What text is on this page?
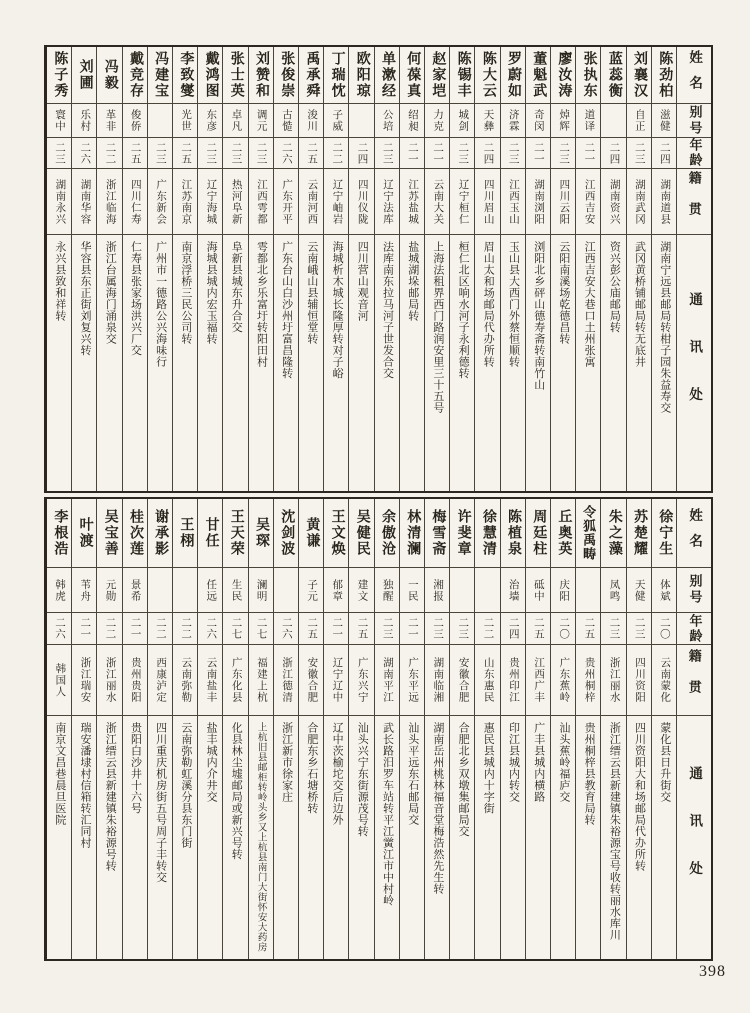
姓名
别号
年龄
籍贯
通讯处
陈劲柏
滋健
二四
湖南道县
湖南宁远县邮局转柑子园朱益寿交
刘襄汉
自正
二三
湖南武冈
武冈黄桥铺邮局转无底井
蓝蕊衡
二四
湖南资兴
资兴彭公庙邮局转
张执东
道译
二一
江西吉安
江西吉安大巷口土州张寓
廖汝涛
焯辉
二三
四川云阳
云阳南溪场乾德昌转
董魁武
奇闵
二一
湖南浏阳
浏阳北乡砰山德寿斋转南竹山
罗蔚如
济霖
二三
江西玉山
玉山县大西门外蔡恒顺转
陈大云
天彝
二四
四川眉山
眉山太和场邮局代办所转
陈锡丰
城剑
二三
辽宁桓仁
桓仁北区响水河子永利德转
赵家垲
力克
二一
云南大关
上海法租界西门路润安里三十五号
何葆真
绍昶
二一
江苏盐城
盐城湖垛邮局转
单漱经
公培
二三
辽宁法库
法库南东拉马河子世发合交
欧阳琼
二四
四川仪陇
四川营山观音河
丁瑞忱
子威
二二
辽宁岫岩
海城析木城长隆厚转对子峪
禹承舜
浚川
二五
云南河西
云南峨山县辅恒堂转
张俊崇
古慥
二六
广东开平
广东台山白沙州圩富昌隆转
刘赞和
调元
二三
江西雩都
雩都北乡乐富圩转阳田村
张士英
卓凡
二三
热河阜新
阜新县城东升合交
戴鸿图
东彦
二三
辽宁海城
海城县城内宏玉福转
李致燮
光世
二五
江苏南京
南京浮桥三民公司转
冯建宝
二三
广东新会
广州市一德路公兴海味行
戴竞存
俊侨
二五
四川仁寿
仁寿县张家场洪兴厂交
冯毅
革非
二二
浙江临海
浙江台属海门涌泉交
刘圃
乐村
二六
湖南华容
华容县东正街刘复兴转
陈子秀
寰中
二三
湖南永兴
永兴县致和祥转
姓名
别号
年龄
籍贯
通讯处
徐宁生
体斌
二〇
云南蒙化
蒙化县日升街交
苏楚耀
天健
二三
四川资阳
四川资阳大和场邮局代办所转
朱之藻
凤鸣
二三
浙江丽水
浙江缙云县新建镇朱裕源宝号收转丽水库川
令狐禹畴
二五
贵州桐梓
贵州桐梓县教育局转
丘奥英
庆阳
二〇
广东蕉岭
汕头蕉岭福庐交
周廷柱
砥中
二五
江西广丰
广丰县城内横路
陈植泉
治墙
二四
贵州印江
印江县城内转交
徐慧清
二二
山东惠民
惠民县城内十字街
许斐章
二三
安徽合肥
合肥北乡双墩集邮局交
梅雪斋
湘报
二三
湖南临湘
湖南岳州桃林福音堂梅浩然先生转
林清澜
一民
二一
广东平远
汕头平远东石邮局交
余傲沧
独醒
二三
湖南平江
武长路汨罗车站转平江黉江市中村岭
吴健民
建文
二五
广东兴宁
汕头兴宁东街源茂号转
王文焕
郁章
二一
辽宁辽中
辽中茨榆坨交后边外
黄谦
子元
二五
安徽合肥
合肥东乡石塘桥转
沈剑波
二六
浙江德清
浙江新市徐家庄
吴琛
澜明
二七
福建上杭
上杭旧县邮柜转岭头乡又上杭县南门大街怀安大药房
王天荣
生民
二七
广东化县
化县林尘墟邮局或新兴号转
甘任
任远
二六
云南盐丰
盐丰城内介井交
王栩
二二
云南弥勒
云南弥勒虹溪分县东门街
谢承影
二二
西康泸定
四川重庆机房街五号周子丰转交
桂次莲
景希
二一
贵州贵阳
贵阳白沙井十六号
吴宝善
元勋
二二
浙江丽水
浙江缙云县新建镇朱裕源号转
叶渡
苇舟
二一
浙江瑞安
瑞安潘埭村信箱转汇同村
李根浩
韩虎
二六
韩国人
南京文昌巷晨旦医院
398
